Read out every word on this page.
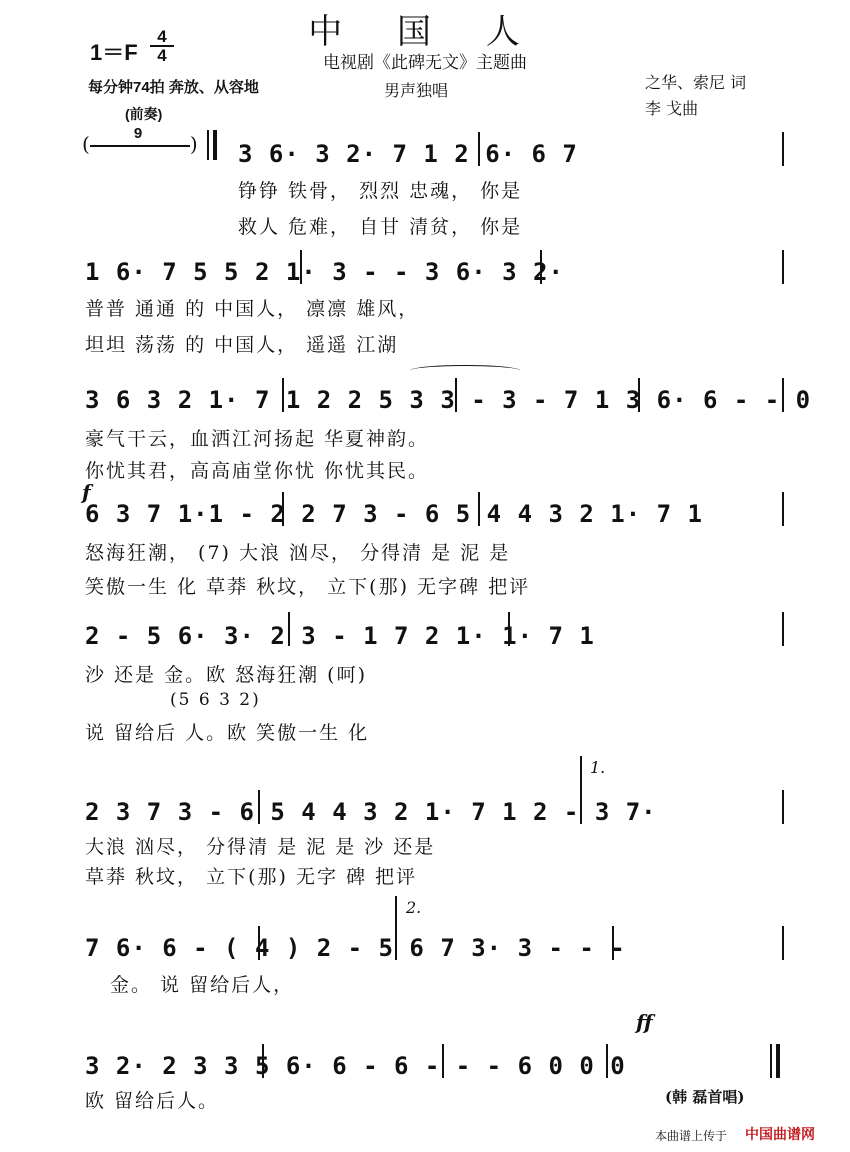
中 国 人
$1=F \frac{4}{4}$	电视剧《此碑无文》主题曲
每分钟74拍 奔放、从容地	男声独唱	之华、索尼 词
李 戈曲
(前奏)
(	9 ) 3 6· 3 2· 7 1 2 6· 6 7
铮铮 铁骨， 烈烈 忠魂， 你是
救人 危难， 自甘 清贫， 你是
1 6· 7 5 5 2 1· 3 - - 3 6· 3 2·
普普 通通 的 中国人， 凛凛 雄风，
坦坦 荡荡 的 中国人， 遥遥 江湖
3 6 3 2 1· 7 1 2 2 5 3 3 - 3 - 7 1 3 6· 6 - - 0
豪气干云，血洒江河扬起 华夏神韵。
你忧其君，高高庙堂你忧 你忧其民。
f
6 3 7 1·1 - 2 2 7 3 - 6 5 4 4 3 2 1· 7 1
怒海狂潮， (7) 大浪 汹尽， 分得清 是 泥 是
笑傲一生 化 草莽 秋坟， 立下(那) 无字碑 把评
2 - 5 6· 3· 2 3 - 1 7 2 1· 1· 7 1
沙 还是 金。欧 怒海狂潮 (呵)
(5 6 3 2)
说 留给后 人。欧 笑傲一生 化
1.
2 3 7 3 - 6 5 4 4 3 2 1· 7 1 2 - 3 7·
大浪 汹尽， 分得清 是 泥 是 沙 还是
草莽 秋坟， 立下(那) 无字 碑 把评
2.
7 6· 6 - ( 4 ) 2 - 5 6 7 3· 3 - - -
金。 说 留给后人，
ff
3 2· 2 3 3 5 6· 6 - 6 - - - 6 0 0 0
欧 留给后人。	(韩 磊首唱)
本曲谱上传于 中国曲谱网
